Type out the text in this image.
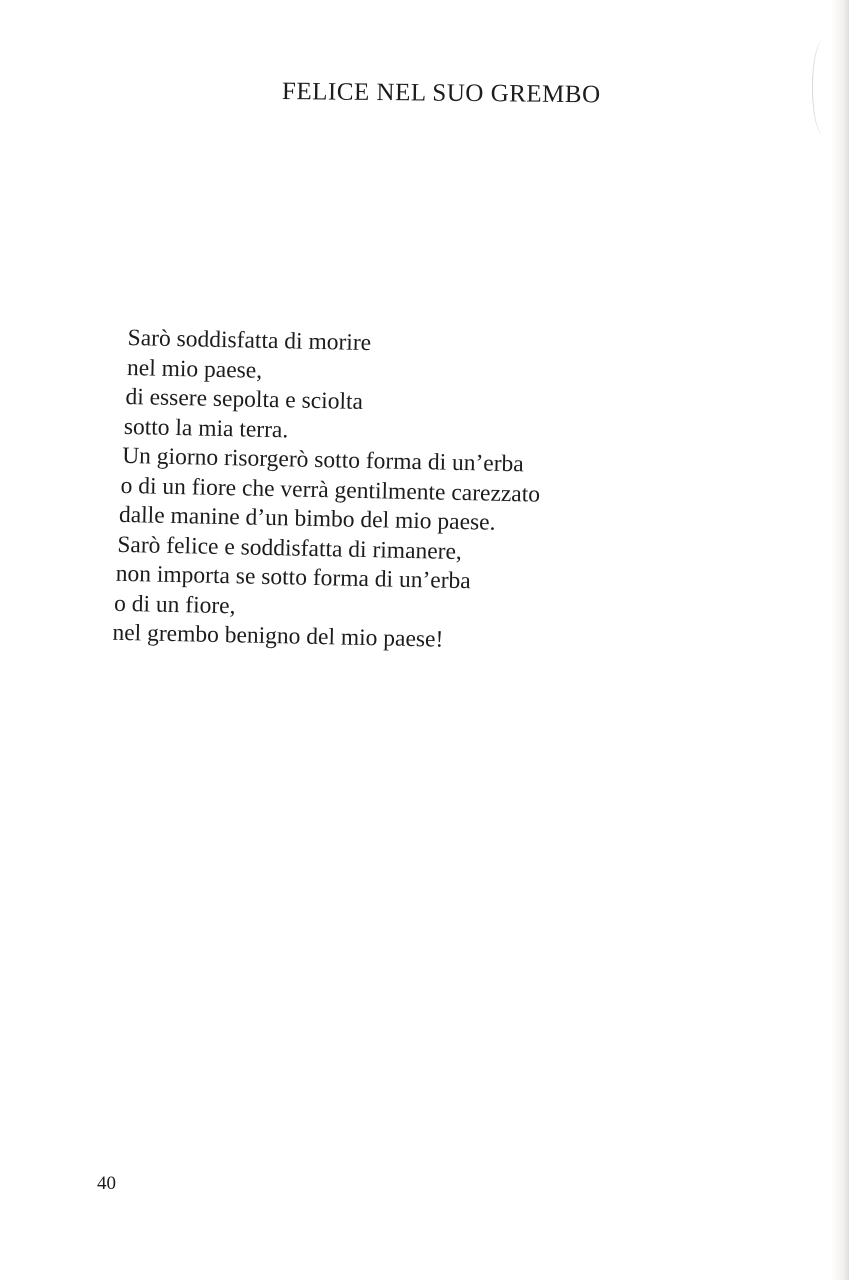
FELICE NEL SUO GREMBO
Sarò soddisfatta di morire
nel mio paese,
di essere sepolta e sciolta
sotto la mia terra.
Un giorno risorgerò sotto forma di un’erba
o di un fiore che verrà gentilmente carezzato
dalle manine d’un bimbo del mio paese.
Sarò felice e soddisfatta di rimanere,
non importa se sotto forma di un’erba
o di un fiore,
nel grembo benigno del mio paese!

40
